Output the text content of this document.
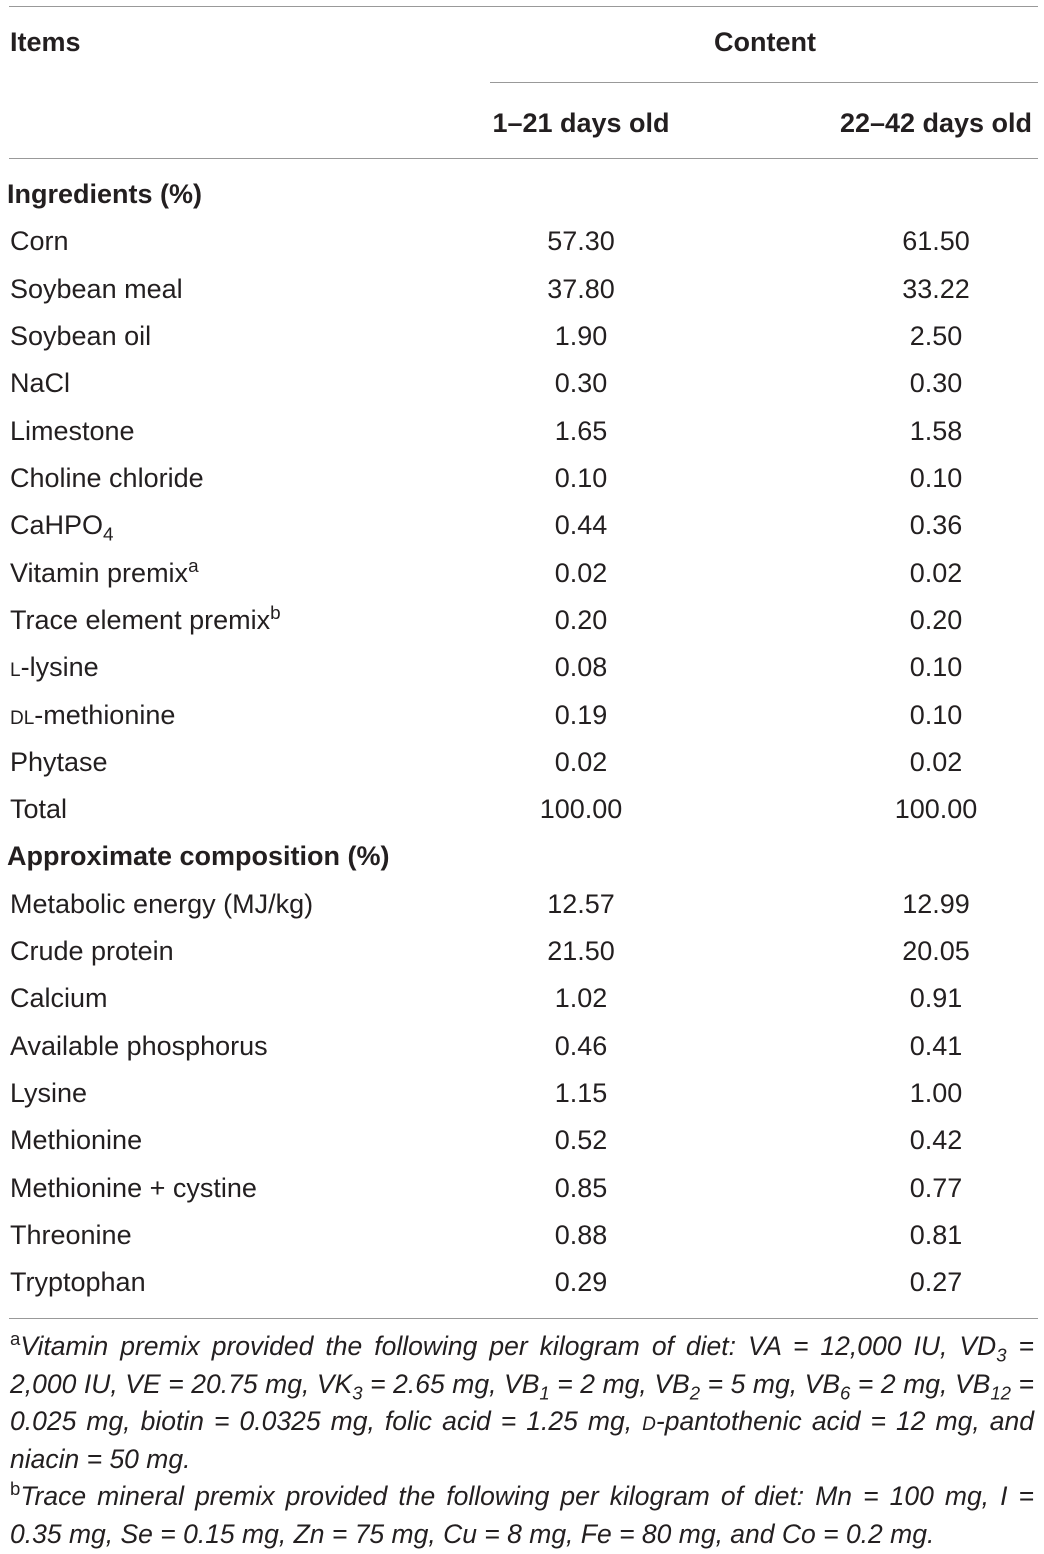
Items	Content
1–21 days old	22–42 days old
Ingredients (%)
Corn	57.30	61.50
Soybean meal	37.80	33.22
Soybean oil	1.90	2.50
NaCl	0.30	0.30
Limestone	1.65	1.58
Choline chloride	0.10	0.10
CaHPO$_4$	0.44	0.36
Vitamin premix$^a$	0.02	0.02
Trace element premix$^b$	0.20	0.20
l-lysine	0.08	0.10
dl-methionine	0.19	0.10
Phytase	0.02	0.02
Total	100.00	100.00
Approximate composition (%)
Metabolic energy (MJ/kg)	12.57	12.99
Crude protein	21.50	20.05
Calcium	1.02	0.91
Available phosphorus	0.46	0.41
Lysine	1.15	1.00
Methionine	0.52	0.42
Methionine + cystine	0.85	0.77
Threonine	0.88	0.81
Tryptophan	0.29	0.27

$^a$Vitamin premix provided the following per kilogram of diet: VA = 12,000 IU, $VD_3 = 2,000$ IU, VE = 20.75 mg, $VK_3 = 2.65$ mg, $VB_1 = 2$ mg, $VB_2 = 5$ mg, $VB_6 = 2$ mg, $VB_{12} = 0.025$ mg, biotin = 0.0325 mg, folic acid = 1.25 mg, d-pantothenic acid = 12 mg, and niacin = 50 mg.

$^b$Trace mineral premix provided the following per kilogram of diet: Mn = 100 mg, I = 0.35 mg, Se = 0.15 mg, Zn = 75 mg, Cu = 8 mg, Fe = 80 mg, and Co = 0.2 mg.
